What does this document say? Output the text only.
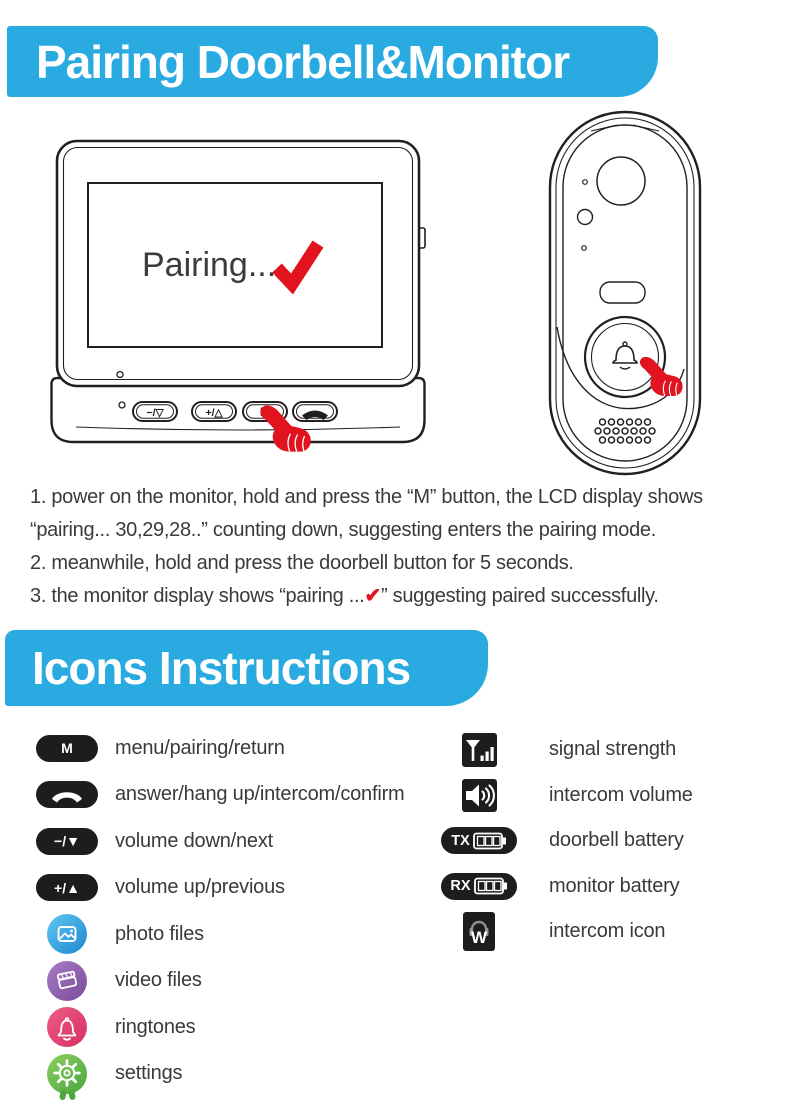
Pairing Doorbell&Monitor
Pairing...
−/▽	+/△

1. power on the monitor, hold and press the “M” button, the LCD display shows

“pairing... 30,29,28..” counting down, suggesting enters the pairing mode.

2. meanwhile, hold and press the doorbell button for 5 seconds.

3. the monitor display shows “pairing ...✔” suggesting paired successfully.

Icons Instructions
M menu/pairing/return
answer/hang up/intercom/confirm
−/▼ volume down/next
+/▲ volume up/previous
photo files
video files
ringtones
settings
signal strength
intercom volume
TX	doorbell battery
RX	monitor battery
W	intercom icon
